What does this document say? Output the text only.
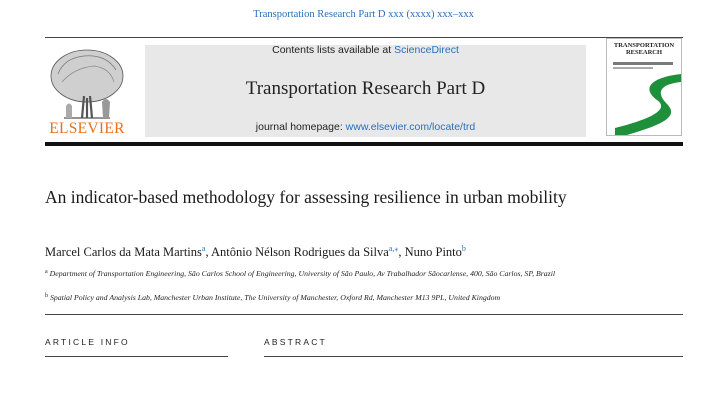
Transportation Research Part D xxx (xxxx) xxx–xxx
ELSEVIER
Contents lists available at ScienceDirect
Transportation Research Part D
journal homepage: www.elsevier.com/locate/trd
TRANSPORTATION RESEARCH
An indicator-based methodology for assessing resilience in urban mobility
Marcel Carlos da Mata Martins$^a$, Antônio Nélson Rodrigues da Silva$^{a,⁎}$, Nuno Pinto$^b$
$^a$ Department of Transportation Engineering, São Carlos School of Engineering, University of São Paulo, Av Trabalhador Sãocarlense, 400, São Carlos, SP, Brazil
$^b$ Spatial Policy and Analysis Lab, Manchester Urban Institute, The University of Manchester, Oxford Rd, Manchester M13 9PL, United Kingdom
ARTICLE INFO	ABSTRACT
